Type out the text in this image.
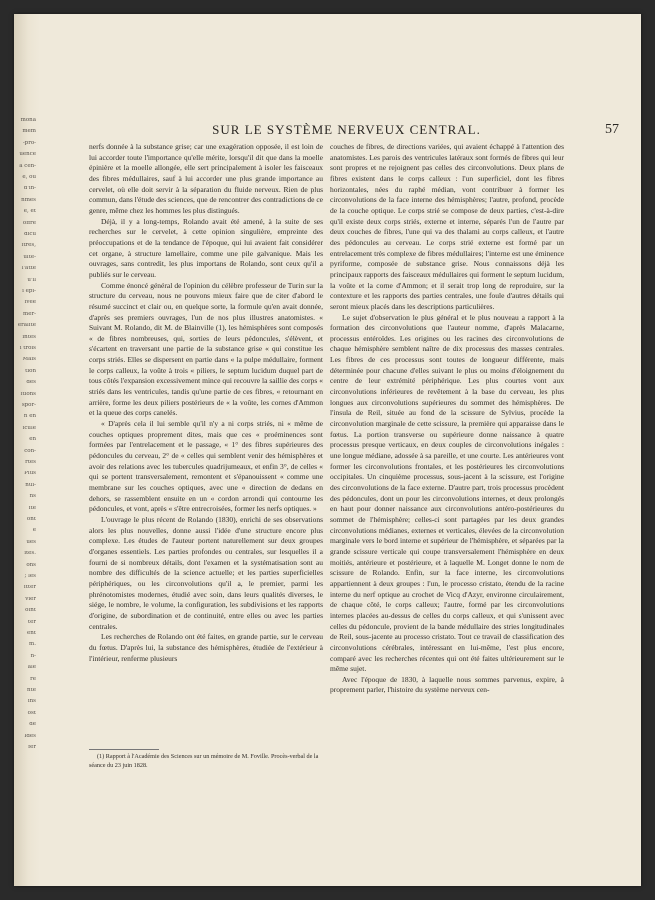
mona
mem
-pro-
uence
a cen-
e, où
d'in-
nmes
e, et
offre
dicu
itres,
ulte-
l'atte
u'il
i épi-
ivée
mer-
éralité
intes
i trois
Mais
tion
des
itions
spor-
n en
icule
en
con-
rtes
Plus
nui-
ns
ité
ont
e
ues
ites.
ons
; les
itter
vier
oint
ter
ent
m.
n-
ale
re
nte
ins
ost
de
Ides
fer
SUR LE SYSTÈME NERVEUX CENTRAL.	57

nerfs donnée à la substance grise; car une exagération opposée, il est loin de lui accorder toute l'importance qu'elle mérite, lorsqu'il dit que dans la moelle épinière et la moelle allongée, elle sert principalement à isoler les faisceaux des fibres médullaires, sauf à lui accorder une plus grande importance au cervelet, où elle doit servir à la séparation du fluide nerveux. Rien de plus commun, dans l'étude des sciences, que de rencontrer des contradictions de ce genre, même chez les hommes les plus distingués.

Déjà, il y a long-temps, Rolando avait été amené, à la suite de ses recherches sur le cervelet, à cette opinion singulière, empreinte des préoccupations et de la tendance de l'époque, qui lui avaient fait considérer cet organe, à structure lamellaire, comme une pile galvanique. Mais les ouvrages, sans contredit, les plus importans de Rolando, sont ceux qu'il a publiés sur le cerveau.

Comme énoncé général de l'opinion du célèbre professeur de Turin sur la structure du cerveau, nous ne pouvons mieux faire que de citer d'abord le résumé succinct et clair ou, en quelque sorte, la formule qu'en avait donnée, d'après ses premiers ouvrages, l'un de nos plus illustres anatomistes. « Suivant M. Rolando, dit M. de Blainville (1), les hémisphères sont composés « de fibres nombreuses, qui, sorties de leurs pédoncules, s'élèvent, et s'écartent en traversant une partie de la substance grise « qui constitue les corps striés. Elles se dispersent en partie dans « la pulpe médullaire, forment le corps calleux, la voûte à trois « piliers, le septum lucidum duquel part de tous côtés l'expansion excessivement mince qui recouvre la saillie des corps « striés dans les ventricules, tandis qu'une partie de ces fibres, « retournant en arrière, forme les deux piliers postérieurs de « la voûte, les cornes d'Ammon et la queue des corps canelés.

« D'après cela il lui semble qu'il n'y a ni corps striés, ni « même de couches optiques proprement dites, mais que ces « proéminences sont formées par l'entrelacement et le passage, « 1° des fibres supérieures des pédoncules du cerveau, 2° de « celles qui semblent venir des hémisphères et avoir des relations avec les tubercules quadrijumeaux, et enfin 3°, de celles « qui se portent transversalement, remontent et s'épanouissent « comme une membrane sur les couches optiques, avec une « direction de dedans en dehors, se rassemblent ensuite en un « cordon arrondi qui contourne les pédoncules, et vont, après « s'être entrecroisées, former les nerfs optiques. »

L'ouvrage le plus récent de Rolando (1830), enrichi de ses observations alors les plus nouvelles, donne aussi l'idée d'une structure encore plus complexe. Les études de l'auteur portent naturellement sur deux groupes d'organes essentiels. Les parties profondes ou centrales, sur lesquelles il a fourni de si nombreux détails, dont l'examen et la systématisation sont au nombre des difficultés de la science actuelle; et les parties superficielles périphériques, ou les circonvolutions qu'il a, le premier, parmi les phrénotomistes modernes, étudié avec soin, dans leurs qualités diverses, le siége, le nombre, le volume, la configuration, les subdivisions et les rapports d'origine, de subordination et de continuité, entre elles ou avec les parties centrales.

Les recherches de Rolando ont été faites, en grande partie, sur le cerveau du fœtus. D'après lui, la substance des hémisphères, étudiée de l'extérieur à l'intérieur, renferme plusieurs

(1) Rapport à l'Académie des Sciences sur un mémoire de M. Foville. Procès-verbal de la séance du 23 juin 1828.

couches de fibres, de directions variées, qui avaient échappé à l'attention des anatomistes. Les parois des ventricules latéraux sont formés de fibres qui leur sont propres et ne rejoignent pas celles des circonvolutions. Deux plans de fibres existent dans le corps calleux : l'un superficiel, dont les fibres horizontales, nées du raphé médian, vont contribuer à former les circonvolutions de la face interne des hémisphères; l'autre, profond, procède de la couche optique. Le corps strié se compose de deux parties, c'est-à-dire qu'il existe deux corps striés, externe et interne, séparés l'un de l'autre par deux couches de fibres, l'une qui va des thalami au corps calleux, et l'autre des pédoncules au cerveau. Le corps strié externe est formé par un entrelacement très complexe de fibres médullaires; l'interne est une éminence pyriforme, composée de substance grise. Nous connaissons déjà les principaux rapports des faisceaux médullaires qui forment le septum lucidum, la voûte et la corne d'Ammon; et il serait trop long de reproduire, sur la contexture et les rapports des parties centrales, une foule d'autres détails qui seront mieux placés dans les descriptions particulières.

Le sujet d'observation le plus général et le plus nouveau a rapport à la formation des circonvolutions que l'auteur nomme, d'après Malacarne, processus entéroïdes. Les origines ou les racines des circonvolutions de chaque hémisphère semblent naître de dix processus des masses centrales. Les fibres de ces processus sont toutes de longueur différente, mais déterminée pour chacune d'elles suivant le plus ou moins d'éloignement du centre de leur extrémité périphérique. Les plus courtes vont aux circonvolutions inférieures de revêtement à la base du cerveau, les plus longues aux circonvolutions supérieures du sommet des hémisphères. De l'insula de Reil, située au fond de la scissure de Sylvius, procède la circonvolution marginale de cette scissure, la première qui apparaisse dans le fœtus. La portion transverse ou supérieure donne naissance à quatre processus presque verticaux, en deux couples de circonvolutions inégales : une longue médiane, adossée à sa pareille, et une courte. Les antérieures vont former les circonvolutions frontales, et les postérieures les circonvolutions occipitales. Un cinquième processus, sous-jacent à la scissure, est l'origine des circonvolutions de la face externe. D'autre part, trois processus procèdent des pédoncules, dont un pour les circonvolutions internes, et deux prolongés en haut pour donner naissance aux circonvolutions antéro-postérieures du sommet de l'hémisphère; celles-ci sont partagées par les deux grandes circonvolutions médianes, externes et verticales, élevées de la circonvolution marginale vers le bord interne et supérieur de l'hémisphère, et séparées par la grande scissure verticale qui coupe transversalement l'hémisphère en deux moitiés, antérieure et postérieure, et à laquelle M. Longet donne le nom de scissure de Rolando. Enfin, sur la face interne, les circonvolutions appartiennent à deux groupes : l'un, le processo cristato, étendu de la racine interne du nerf optique au crochet de Vicq d'Azyr, environne circulairement, de chaque côté, le corps calleux; l'autre, formé par les circonvolutions internes placées au-dessus de celles du corps calleux, et qui s'unissent avec celles du pédoncule, provient de la bande médullaire des stries longitudinales de Reil, sous-jacente au processo cristato. Tout ce travail de classification des circonvolutions cérébrales, intéressant en lui-même, l'est plus encore, comparé avec les recherches récentes qui ont été faites ultérieurement sur le même sujet.

Avec l'époque de 1830, à laquelle nous sommes parvenus, expire, à proprement parler, l'histoire du système nerveux cen-
